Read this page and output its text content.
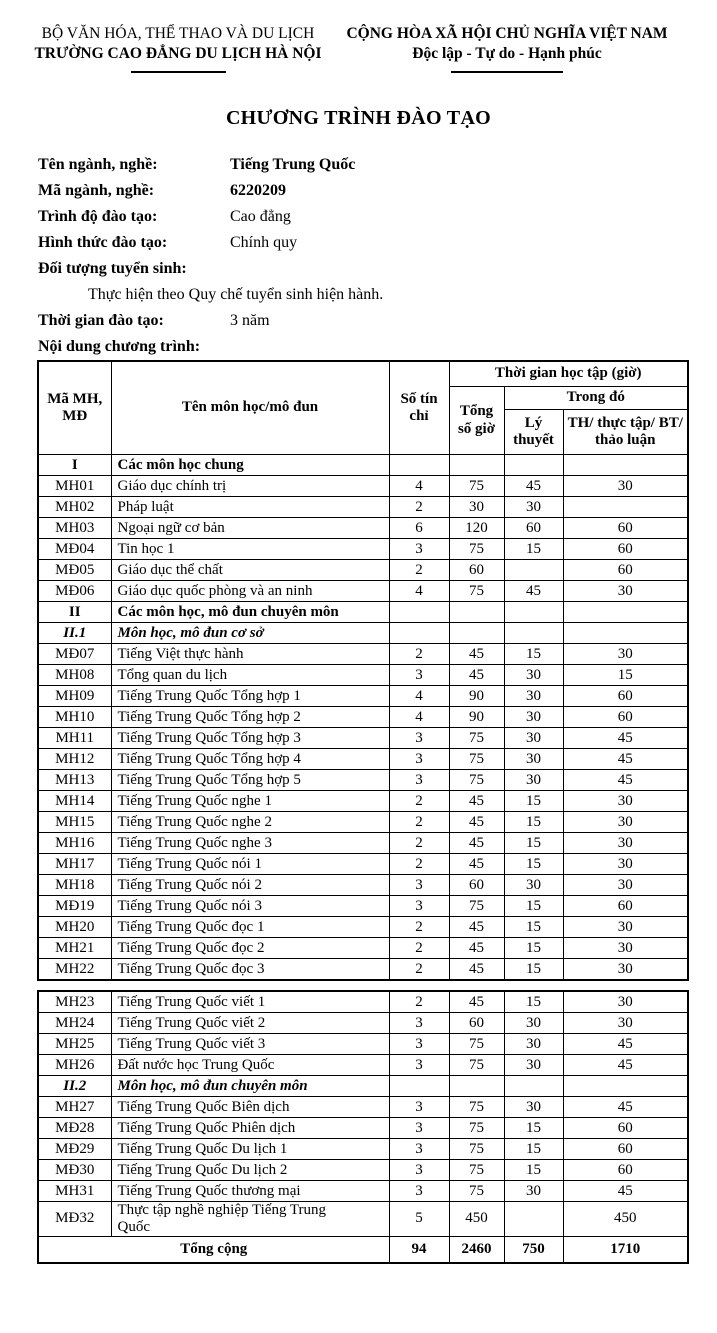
BỘ VĂN HÓA, THỂ THAO VÀ DU LỊCH
TRƯỜNG CAO ĐẲNG DU LỊCH HÀ NỘI
CỘNG HÒA XÃ HỘI CHỦ NGHĨA VIỆT NAM
Độc lập - Tự do - Hạnh phúc
CHƯƠNG TRÌNH ĐÀO TẠO
Tên ngành, nghề:	Tiếng Trung Quốc
Mã ngành, nghề:	6220209
Trình độ đào tạo:	Cao đẳng
Hình thức đào tạo:	Chính quy
Đối tượng tuyển sinh:
Thực hiện theo Quy chế tuyển sinh hiện hành.
Thời gian đào tạo:	3 năm
Nội dung chương trình:
Mã MH, MĐ	Tên môn học/mô đun	Số tín chỉ	Thời gian học tập (giờ)		
			Tổng số giờ	Trong đó	
				Lý thuyết	TH/ thực tập/ BT/ thảo luận
I	Các môn học chung				
MH01	Giáo dục chính trị	4	75	45	30
MH02	Pháp luật	2	30	30	
MH03	Ngoại ngữ cơ bản	6	120	60	60
MĐ04	Tin học 1	3	75	15	60
MĐ05	Giáo dục thể chất	2	60		60
MĐ06	Giáo dục quốc phòng và an ninh	4	75	45	30
II	Các môn học, mô đun chuyên môn				
II.1	Môn học, mô đun cơ sở				
MĐ07	Tiếng Việt thực hành	2	45	15	30
MH08	Tổng quan du lịch	3	45	30	15
MH09	Tiếng Trung Quốc Tổng hợp 1	4	90	30	60
MH10	Tiếng Trung Quốc Tổng hợp 2	4	90	30	60
MH11	Tiếng Trung Quốc Tổng hợp 3	3	75	30	45
MH12	Tiếng Trung Quốc Tổng hợp 4	3	75	30	45
MH13	Tiếng Trung Quốc Tổng hợp 5	3	75	30	45
MH14	Tiếng Trung Quốc nghe 1	2	45	15	30
MH15	Tiếng Trung Quốc nghe 2	2	45	15	30
MH16	Tiếng Trung Quốc nghe 3	2	45	15	30
MH17	Tiếng Trung Quốc nói 1	2	45	15	30
MH18	Tiếng Trung Quốc nói 2	3	60	30	30
MĐ19	Tiếng Trung Quốc nói 3	3	75	15	60
MH20	Tiếng Trung Quốc đọc 1	2	45	15	30
MH21	Tiếng Trung Quốc đọc 2	2	45	15	30
MH22	Tiếng Trung Quốc đọc 3	2	45	15	30
MH23	Tiếng Trung Quốc viết 1	2	45	15	30
MH24	Tiếng Trung Quốc viết 2	3	60	30	30
MH25	Tiếng Trung Quốc viết 3	3	75	30	45
MH26	Đất nước học Trung Quốc	3	75	30	45
II.2	Môn học, mô đun chuyên môn				
MH27	Tiếng Trung Quốc Biên dịch	3	75	30	45
MĐ28	Tiếng Trung Quốc Phiên dịch	3	75	15	60
MĐ29	Tiếng Trung Quốc Du lịch 1	3	75	15	60
MĐ30	Tiếng Trung Quốc Du lịch 2	3	75	15	60
MH31	Tiếng Trung Quốc thương mại	3	75	30	45
MĐ32	Thực tập nghề nghiệp Tiếng Trung Quốc	5	450		450
Tổng cộng		94	2460	750	1710
